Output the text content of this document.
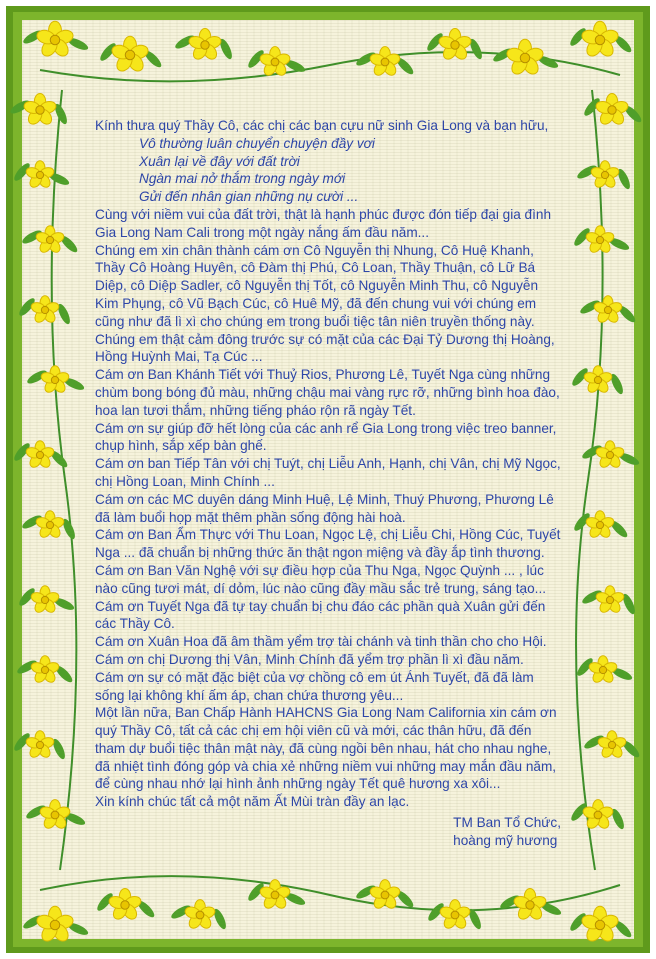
Kính thưa quý Thầy Cô, các chị các bạn cựu nữ sinh Gia Long và bạn hữu,

Vô thường luân chuyển chuyện đầy vơi

Xuân lại về đây với đất trời

Ngàn mai nở thắm trong ngày mới

Gửi đến nhân gian những nụ cười ...

Cùng với niềm vui của đất trời, thật là hạnh phúc được đón tiếp đại gia đình Gia Long Nam Cali trong một ngày nắng ấm đầu năm...

Chúng em xin chân thành cám ơn Cô Nguyễn thị Nhung, Cô Huệ Khanh, Thầy Cô Hoàng Huyên, cô Đàm thị Phú, Cô Loan, Thầy Thuận, cô Lữ Bá Diệp, cô Diệp Sadler, cô Nguyễn thị Tốt, cô Nguyễn Minh Thu, cô Nguyễn Kim Phụng, cô Vũ Bạch Cúc, cô Huê Mỹ, đã đến chung vui với chúng em cũng như đã lì xì cho chúng em trong buổi tiệc tân niên truyền thống này.

Chúng em thật cảm đông trước sự có mặt của các Đại Tỷ Dương thị Hoàng, Hồng Huỳnh Mai, Tạ Cúc ...

Cám ơn Ban Khánh Tiết với Thuỷ Rios, Phương Lê, Tuyết Nga cùng những chùm bong bóng đủ màu, những chậu mai vàng rực rỡ, những bình hoa đào, hoa lan tươi thắm, những tiếng pháo rộn rã ngày Tết.

Cám ơn sự giúp đỡ hết lòng của các anh rể Gia Long trong việc treo banner, chụp hình, sắp xếp bàn ghế.

Cám ơn ban Tiếp Tân với chị Tuýt, chị Liễu Anh, Hạnh, chị Vân, chị Mỹ Ngọc, chị Hồng Loan, Minh Chính ...

Cám ơn các MC duyên dáng Minh Huệ, Lệ Minh, Thuý Phương, Phương Lê đã làm buổi họp mặt thêm phần sống động hài hoà.

Cám ơn Ban Ẩm Thực với Thu Loan, Ngọc Lệ, chị Liễu Chi, Hồng Cúc, Tuyết Nga ... đã chuẩn bị những thức ăn thật ngon miệng và đầy ắp tình thương.

Cám ơn Ban Văn Nghệ với sự điều hợp của Thu Nga, Ngọc Quỳnh ... , lúc nào cũng tươi mát, dí dỏm, lúc nào cũng đầy mầu sắc trẻ trung, sáng tạo...

Cám ơn Tuyết Nga đã tự tay chuẩn bị chu đáo các phần quà Xuân gửi đến các Thầy Cô.

Cám ơn Xuân Hoa đã âm thầm yểm trợ tài chánh và tinh thần cho cho Hội.

Cám ơn chị Dương thị Vân, Minh Chính đã yểm trợ phần lì xì đầu năm.

Cám ơn sự có mặt đặc biệt của vợ chồng cô em út Ánh Tuyết, đã đã làm sống lại không khí ấm áp, chan chứa thương yêu...

Một lần nữa, Ban Chấp Hành HAHCNS Gia Long Nam California xin cám ơn quý Thầy Cô, tất cả các chị em hội viên cũ và mới, các thân hữu, đã đến tham dự buổi tiệc thân mật này, đã cùng ngồi bên nhau, hát cho nhau nghe, đã nhiệt tình đóng góp và chia xẻ những niềm vui những may mắn đầu năm, để cùng nhau nhớ lại hình ảnh những ngày Tết quê hương xa xôi...

Xin kính chúc tất cả một năm Ất Mùi tràn đầy an lạc.

TM Ban Tổ Chức,

hoàng mỹ hương
